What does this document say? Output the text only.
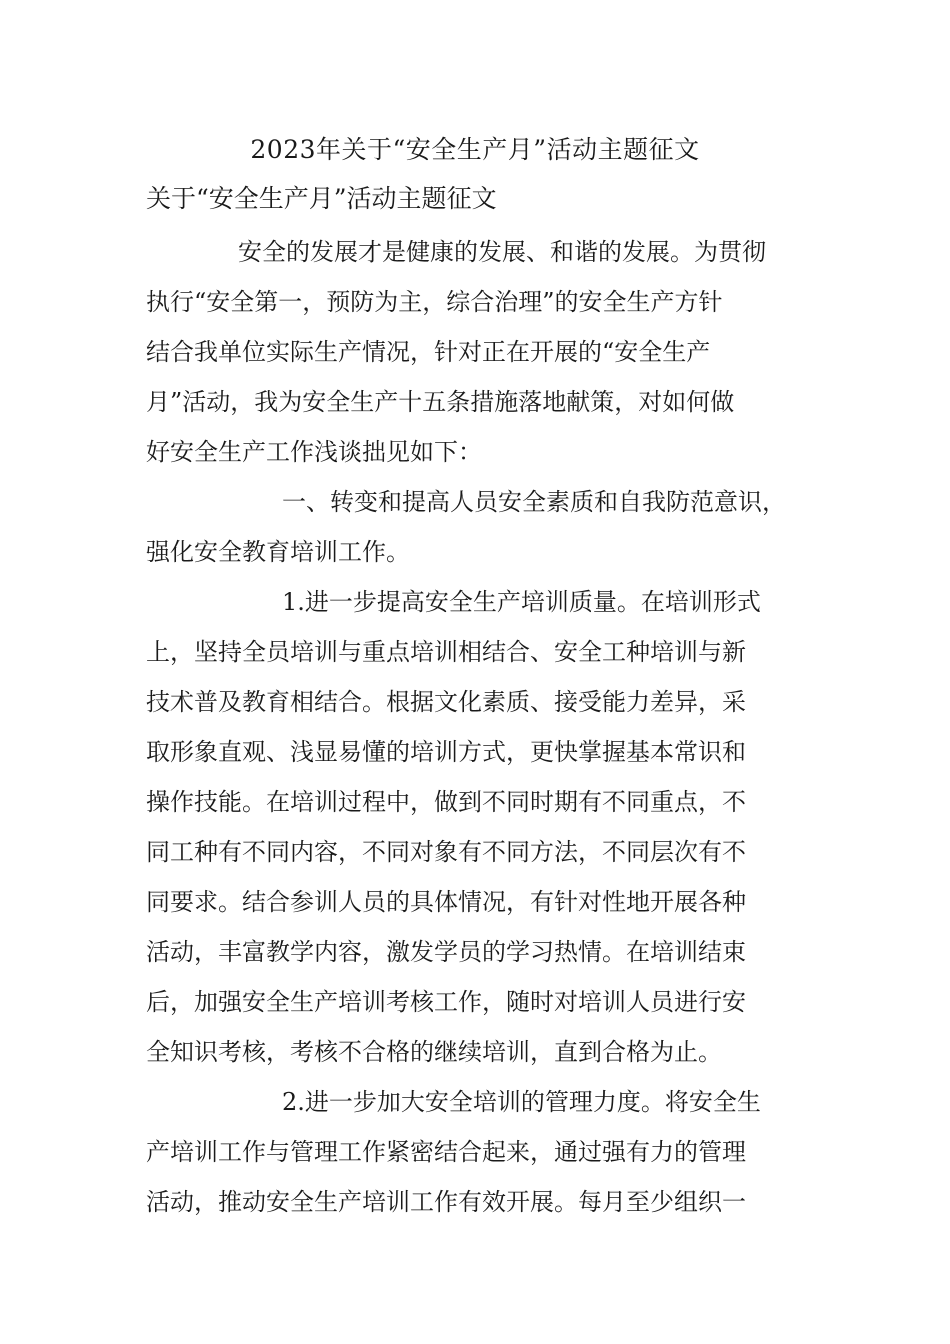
2023年关于“安全生产月”活动主题征文
关于“安全生产月”活动主题征文

安全的发展才是健康的发展、和谐的发展。为贯彻
执行“安全第一，预防为主，综合治理”的安全生产方针
结合我单位实际生产情况，针对正在开展的“安全生产
月”活动，我为安全生产十五条措施落地献策，对如何做
好安全生产工作浅谈拙见如下：

一、转变和提高人员安全素质和自我防范意识，
强化安全教育培训工作。

1.进一步提高安全生产培训质量。在培训形式
上，坚持全员培训与重点培训相结合、安全工种培训与新
技术普及教育相结合。根据文化素质、接受能力差异，采
取形象直观、浅显易懂的培训方式，更快掌握基本常识和
操作技能。在培训过程中，做到不同时期有不同重点，不
同工种有不同内容，不同对象有不同方法，不同层次有不
同要求。结合参训人员的具体情况，有针对性地开展各种
活动，丰富教学内容，激发学员的学习热情。在培训结束
后，加强安全生产培训考核工作，随时对培训人员进行安
全知识考核，考核不合格的继续培训，直到合格为止。

2.进一步加大安全培训的管理力度。将安全生
产培训工作与管理工作紧密结合起来，通过强有力的管理
活动，推动安全生产培训工作有效开展。每月至少组织一
